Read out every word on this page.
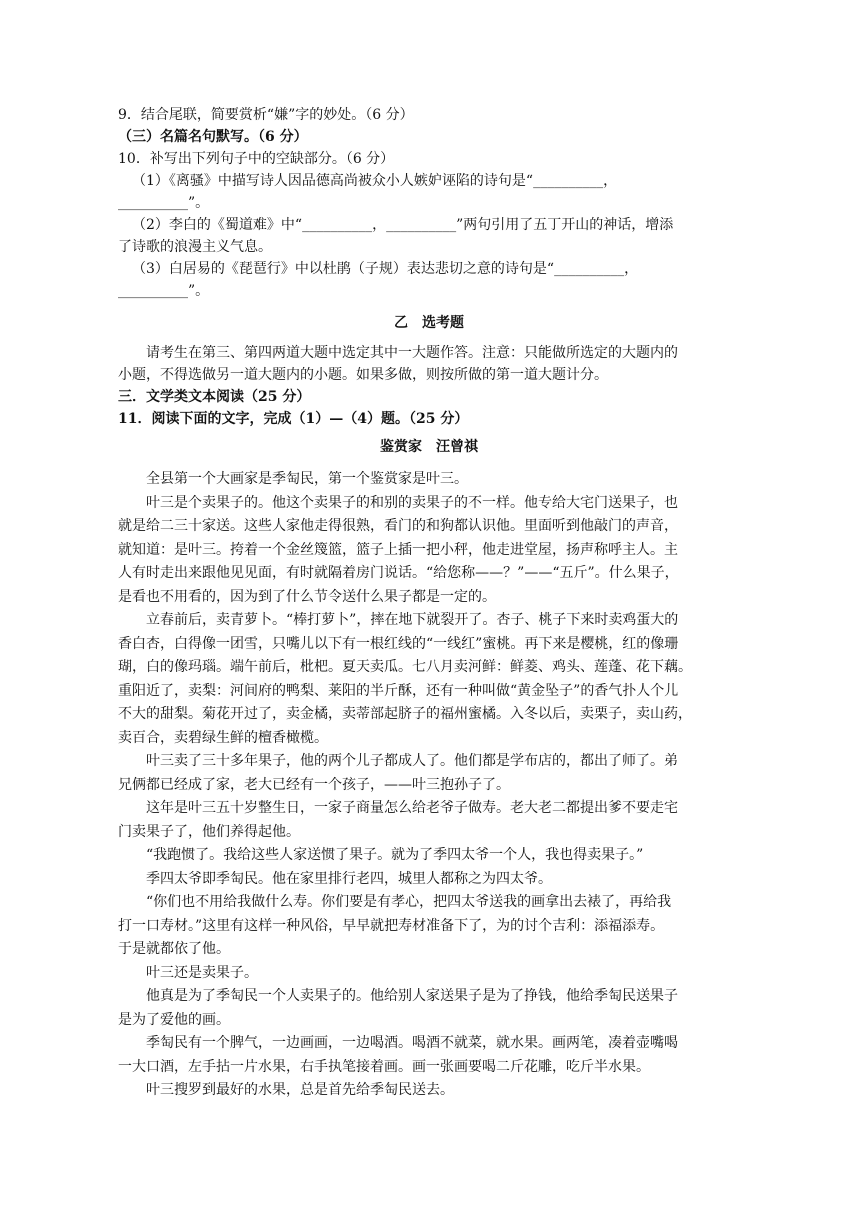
9．结合尾联，简要赏析“嫌”字的妙处。（6 分）

（三）名篇名句默写。（6 分）

10．补写出下列句子中的空缺部分。（6 分）

（1）《离骚》中描写诗人因品德高尚被众小人嫉妒诬陷的诗句是“__________，

__________”。

（2）李白的《蜀道难》中“__________，__________”两句引用了五丁开山的神话，增添

了诗歌的浪漫主义气息。

（3）白居易的《琵琶行》中以杜鹃（子规）表达悲切之意的诗句是“__________，

__________”。

乙　选考题

请考生在第三、第四两道大题中选定其中一大题作答。注意：只能做所选定的大题内的

小题，不得选做另一道大题内的小题。如果多做，则按所做的第一道大题计分。

三．文学类文本阅读（25 分）

11．阅读下面的文字，完成（1）—（4）题。（25 分）

鉴赏家　汪曾祺

全县第一个大画家是季匋民，第一个鉴赏家是叶三。

叶三是个卖果子的。他这个卖果子的和别的卖果子的不一样。他专给大宅门送果子，也

就是给二三十家送。这些人家他走得很熟，看门的和狗都认识他。里面听到他敲门的声音，

就知道：是叶三。挎着一个金丝篾篮，篮子上插一把小秤，他走进堂屋，扬声称呼主人。主

人有时走出来跟他见见面，有时就隔着房门说话。“给您称——？”——“五斤”。什么果子，

是看也不用看的，因为到了什么节令送什么果子都是一定的。

立春前后，卖青萝卜。“棒打萝卜”，摔在地下就裂开了。杏子、桃子下来时卖鸡蛋大的

香白杏，白得像一团雪，只嘴儿以下有一根红线的“一线红”蜜桃。再下来是樱桃，红的像珊

瑚，白的像玛瑙。端午前后，枇杷。夏天卖瓜。七八月卖河鲜：鲜菱、鸡头、莲蓬、花下藕。

重阳近了，卖梨：河间府的鸭梨、莱阳的半斤酥，还有一种叫做“黄金坠子”的香气扑人个儿

不大的甜梨。菊花开过了，卖金橘，卖蒂部起脐子的福州蜜橘。入冬以后，卖栗子，卖山药，

卖百合，卖碧绿生鲜的檀香橄榄。

叶三卖了三十多年果子，他的两个儿子都成人了。他们都是学布店的，都出了师了。弟

兄俩都已经成了家，老大已经有一个孩子，——叶三抱孙子了。

这年是叶三五十岁整生日，一家子商量怎么给老爷子做寿。老大老二都提出爹不要走宅

门卖果子了，他们养得起他。

“我跑惯了。我给这些人家送惯了果子。就为了季四太爷一个人，我也得卖果子。”

季四太爷即季匋民。他在家里排行老四，城里人都称之为四太爷。

“你们也不用给我做什么寿。你们要是有孝心，把四太爷送我的画拿出去裱了，再给我

打一口寿材。”这里有这样一种风俗，早早就把寿材准备下了，为的讨个吉利：添福添寿。

于是就都依了他。

叶三还是卖果子。

他真是为了季匋民一个人卖果子的。他给别人家送果子是为了挣钱，他给季匋民送果子

是为了爱他的画。

季匋民有一个脾气，一边画画，一边喝酒。喝酒不就菜，就水果。画两笔，凑着壶嘴喝

一大口酒，左手拈一片水果，右手执笔接着画。画一张画要喝二斤花雕，吃斤半水果。

叶三搜罗到最好的水果，总是首先给季匋民送去。
